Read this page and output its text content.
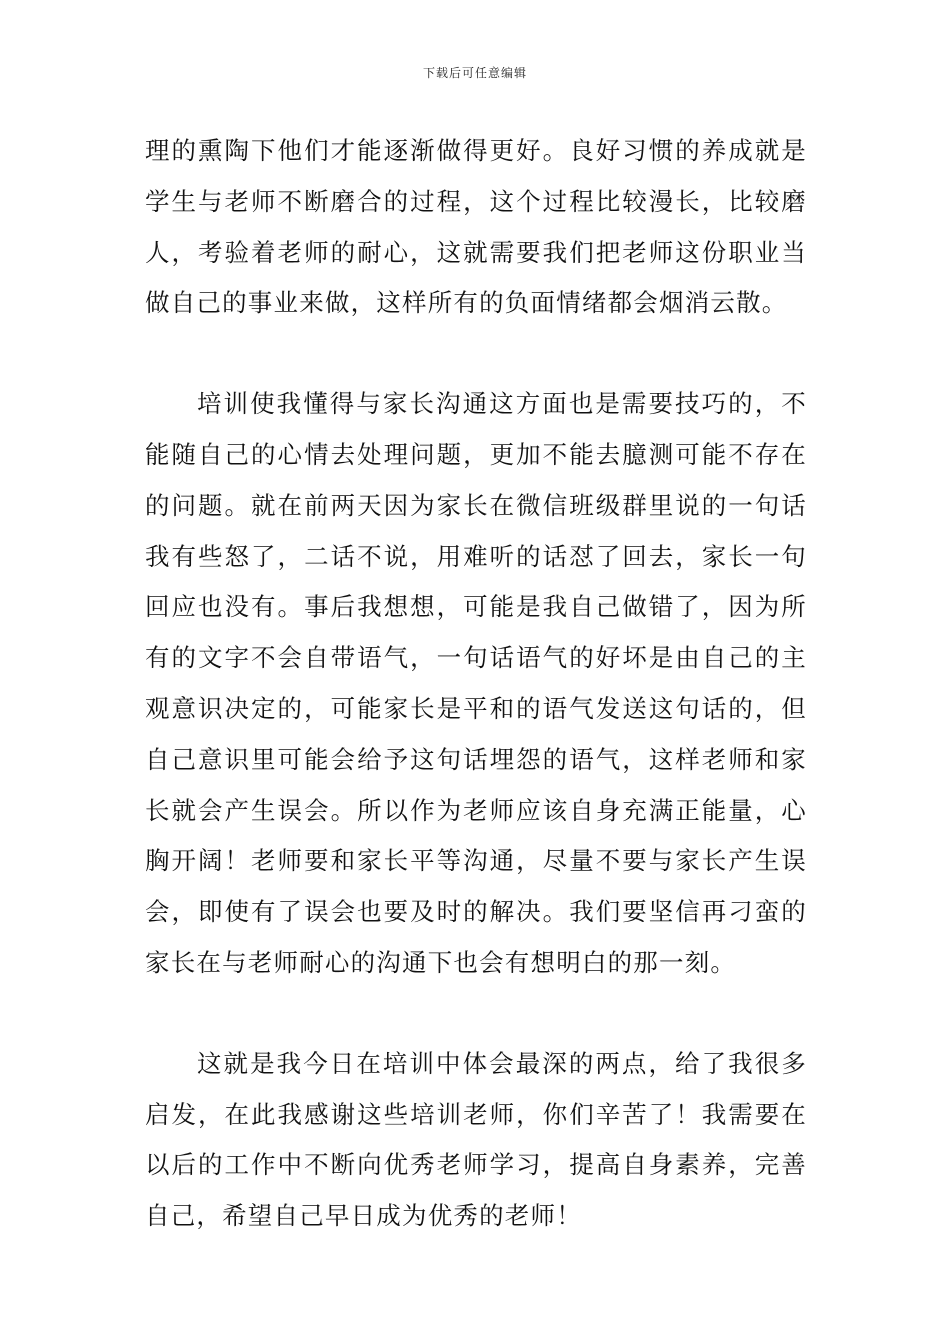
下载后可任意编辑

理的熏陶下他们才能逐渐做得更好。良好习惯的养成就是学生与老师不断磨合的过程，这个过程比较漫长，比较磨人，考验着老师的耐心，这就需要我们把老师这份职业当做自己的事业来做，这样所有的负面情绪都会烟消云散。

培训使我懂得与家长沟通这方面也是需要技巧的，不能随自己的心情去处理问题，更加不能去臆测可能不存在的问题。就在前两天因为家长在微信班级群里说的一句话我有些怒了，二话不说，用难听的话怼了回去，家长一句回应也没有。事后我想想，可能是我自己做错了，因为所有的文字不会自带语气，一句话语气的好坏是由自己的主观意识决定的，可能家长是平和的语气发送这句话的，但自己意识里可能会给予这句话埋怨的语气，这样老师和家长就会产生误会。所以作为老师应该自身充满正能量，心胸开阔！老师要和家长平等沟通，尽量不要与家长产生误会，即使有了误会也要及时的解决。我们要坚信再刁蛮的家长在与老师耐心的沟通下也会有想明白的那一刻。

这就是我今日在培训中体会最深的两点，给了我很多启发，在此我感谢这些培训老师，你们辛苦了！我需要在以后的工作中不断向优秀老师学习，提高自身素养，完善自己，希望自己早日成为优秀的老师！
